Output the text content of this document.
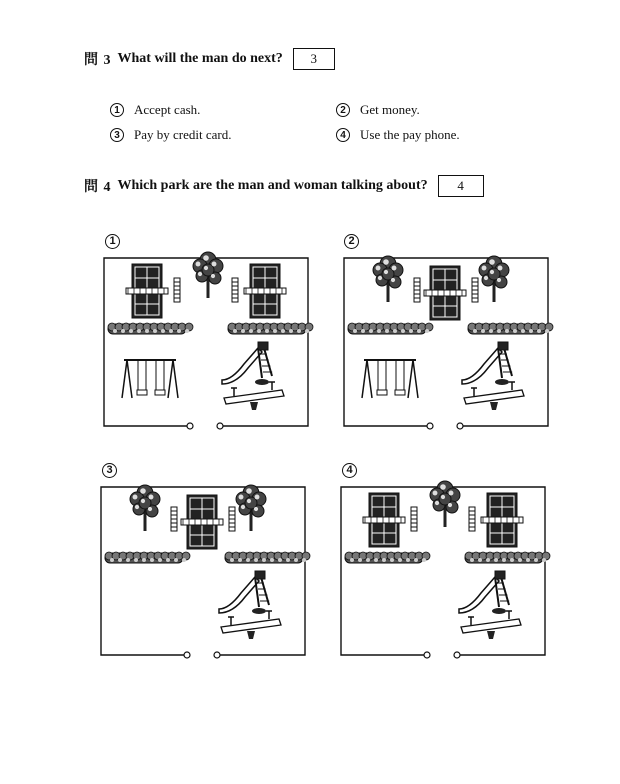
問 3 What will the man do next?	3
1	Accept cash.	2	Get money.
3	Pay by credit card.	4	Use the pay phone.
問 4 Which park are the man and woman talking about?	4
1	2
3	4
